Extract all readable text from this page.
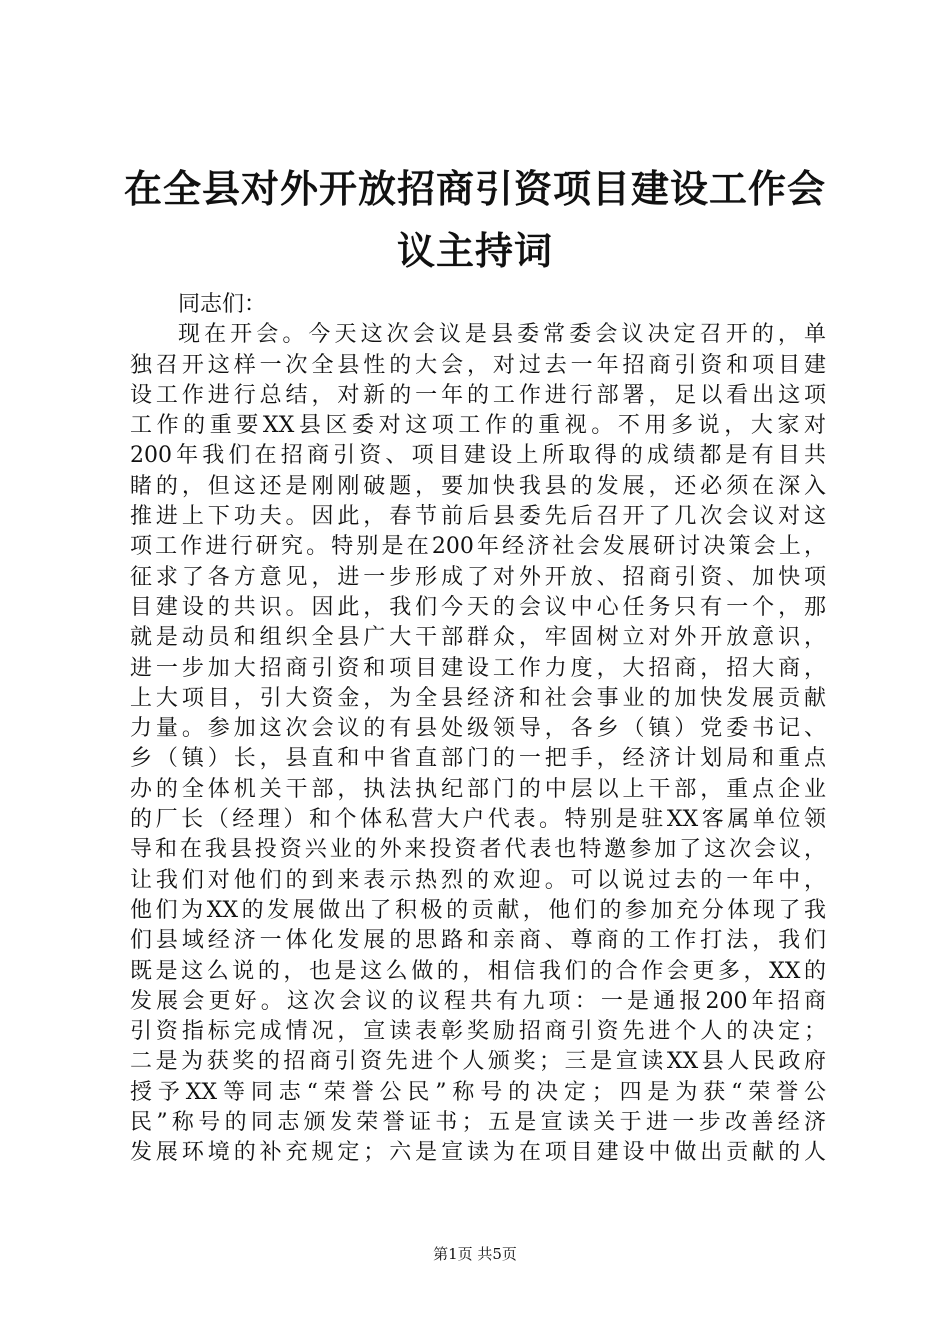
在全县对外开放招商引资项目建设工作会议主持词
同志们：
现在开会。今天这次会议是县委常委会议决定召开的，单
独召开这样一次全县性的大会，对过去一年招商引资和项目建
设工作进行总结，对新的一年的工作进行部署，足以看出这项
工作的重要XX县区委对这项工作的重视。不用多说，大家对
200年我们在招商引资、项目建设上所取得的成绩都是有目共
睹的，但这还是刚刚破题，要加快我县的发展，还必须在深入
推进上下功夫。因此，春节前后县委先后召开了几次会议对这
项工作进行研究。特别是在200年经济社会发展研讨决策会上，
征求了各方意见，进一步形成了对外开放、招商引资、加快项
目建设的共识。因此，我们今天的会议中心任务只有一个，那
就是动员和组织全县广大干部群众，牢固树立对外开放意识，
进一步加大招商引资和项目建设工作力度，大招商，招大商，
上大项目，引大资金，为全县经济和社会事业的加快发展贡献
力量。参加这次会议的有县处级领导，各乡（镇）党委书记、
乡（镇）长，县直和中省直部门的一把手，经济计划局和重点
办的全体机关干部，执法执纪部门的中层以上干部，重点企业
的厂长（经理）和个体私营大户代表。特别是驻XX客属单位领
导和在我县投资兴业的外来投资者代表也特邀参加了这次会议，
让我们对他们的到来表示热烈的欢迎。可以说过去的一年中，
他们为XX的发展做出了积极的贡献，他们的参加充分体现了我
们县域经济一体化发展的思路和亲商、尊商的工作打法，我们
既是这么说的，也是这么做的，相信我们的合作会更多，XX的
发展会更好。这次会议的议程共有九项：一是通报200年招商
引资指标完成情况，宣读表彰奖励招商引资先进个人的决定；
二是为获奖的招商引资先进个人颁奖；三是宣读XX县人民政府
授予XX等同志“荣誉公民”称号的决定；四是为获“荣誉公
民”称号的同志颁发荣誉证书；五是宣读关于进一步改善经济
发展环境的补充规定；六是宣读为在项目建设中做出贡献的人
第1页 共5页
